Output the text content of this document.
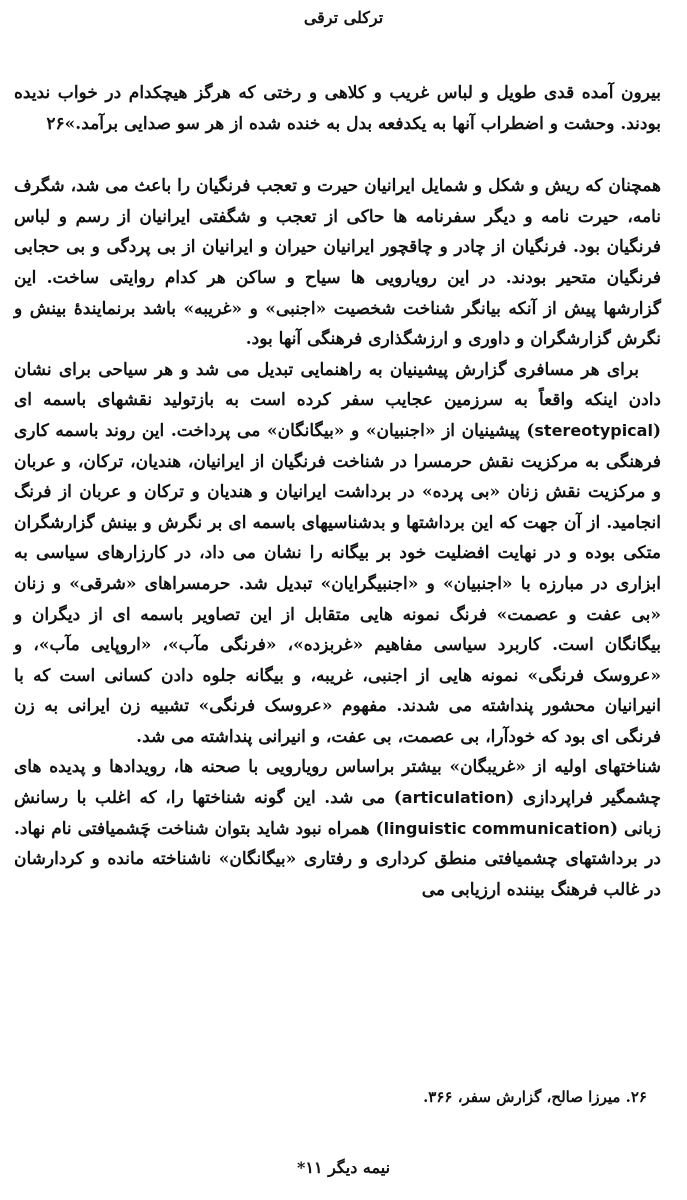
ترکلی ترقی

بیرون آمده قدی طویل و لباس غریب و کلاهی و رختی که هرگز هیچکدام در خواب ندیده بودند. وحشت و اضطراب آنها به یکدفعه بدل به خنده شده از هر سو صدایی برآمد.»۲۶

همچنان که ریش و شکل و شمایل ایرانیان حیرت و تعجب فرنگیان را باعث می شد، شگرف نامه، حیرت نامه و دیگر سفرنامه ها حاکی از تعجب و شگفتی ایرانیان از رسم و لباس فرنگیان بود. فرنگیان از چادر و چاقچور ایرانیان حیران و ایرانیان از بی پردگی و بی حجابی فرنگیان متحیر بودند. در این رویارویی ها سیاح و ساکن هر کدام روایتی ساخت. این گزارشها پیش از آنکه بیانگر شناخت شخصیت «اجنبی» و «غریبه» باشد برنمایندهٔ بینش و نگرش گزارشگران و داوری و ارزشگذاری فرهنگی آنها بود.

برای هر مسافری گزارش پیشینیان به راهنمایی تبدیل می شد و هر سیاحی برای نشان دادن اینکه واقعاً به سرزمین عجایب سفر کرده است به بازتولید نقشهای باسمه ای (stereotypical) پیشینیان از «اجنبیان» و «بیگانگان» می پرداخت. این روند باسمه کاری فرهنگی به مرکزیت نقش حرمسرا در شناخت فرنگیان از ایرانیان، هندیان، ترکان، و عربان و مرکزیت نقش زنان «بی پرده» در برداشت ایرانیان و هندیان و ترکان و عربان از فرنگ انجامید. از آن جهت که این برداشتها و بدشناسیهای باسمه ای بر نگرش و بینش گزارشگران متکی بوده و در نهایت افضلیت خود بر بیگانه را نشان می داد، در کارزارهای سیاسی به ابزاری در مبارزه با «اجنبیان» و «اجنبیگرایان» تبدیل شد. حرمسراهای «شرقی» و زنان «بی عفت و عصمت» فرنگ نمونه هایی متقابل از این تصاویر باسمه ای از دیگران و بیگانگان است. کاربرد سیاسی مفاهیم «غربزده»، «فرنگی مآب»، «اروپایی مآب»، و «عروسک فرنگی» نمونه هایی از اجنبی، غریبه، و بیگانه جلوه دادن کسانی است که با انیرانیان محشور پنداشته می شدند. مفهوم «عروسک فرنگی» تشبیه زن ایرانی به زن فرنگی ای بود که خودآرا، بی عصمت، بی عفت، و انیرانی پنداشته می شد.

شناختهای اولیه از «غریبگان» بیشتر براساس رویارویی با صحنه ها، رویدادها و پدیده های چشمگیر فراپردازی (articulation) می شد. این گونه شناختها را، که اغلب با رسانش زبانی (linguistic communication) همراه نبود شاید بتوان شناخت چَشمیافتی نام نهاد. در برداشتهای چشمیافتی منطق کرداری و رفتاری «بیگانگان» ناشناخته مانده و کردارشان در غالب فرهنگ بیننده ارزیابی می

۲۶. میرزا صالح، گزارش سفر، ۳۶۶.
نیمه دیگر ۱۱*
